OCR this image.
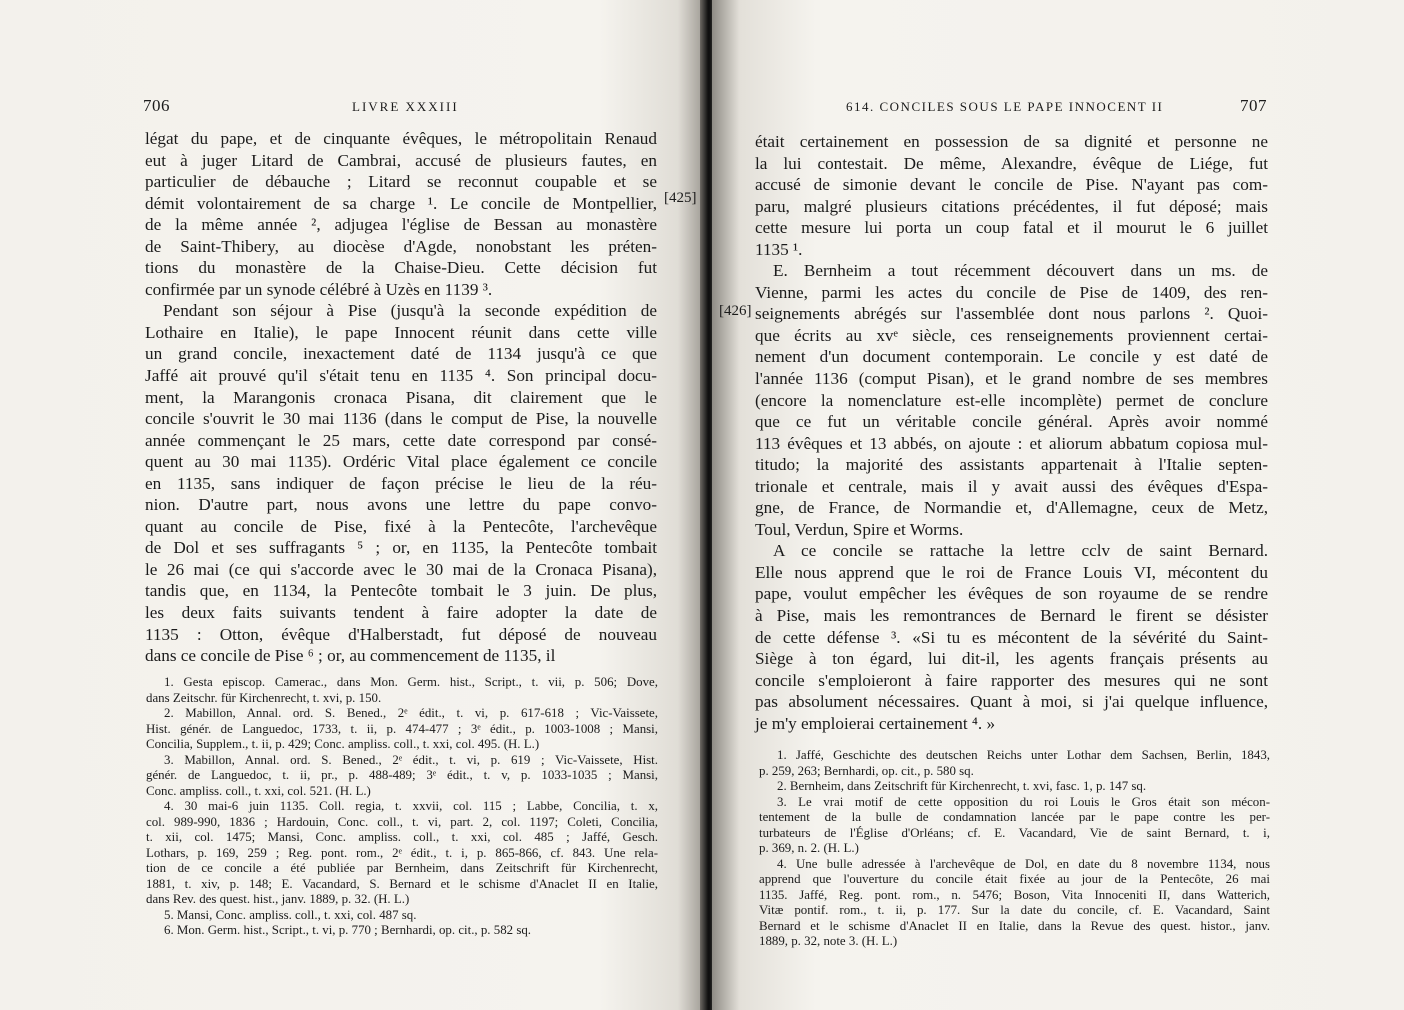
706	LIVRE XXXIII
[425]

légat du pape, et de cinquante évêques, le métropolitain Renaud

eut à juger Litard de Cambrai, accusé de plusieurs fautes, en

particulier de débauche ; Litard se reconnut coupable et se

démit volontairement de sa charge ¹. Le concile de Montpellier,

de la même année ², adjugea l'église de Bessan au monastère

de Saint-Thibery, au diocèse d'Agde, nonobstant les préten-

tions du monastère de la Chaise-Dieu. Cette décision fut

confirmée par un synode célébré à Uzès en 1139 ³.

Pendant son séjour à Pise (jusqu'à la seconde expédition de

Lothaire en Italie), le pape Innocent réunit dans cette ville

un grand concile, inexactement daté de 1134 jusqu'à ce que

Jaffé ait prouvé qu'il s'était tenu en 1135 ⁴. Son principal docu-

ment, la Marangonis cronaca Pisana, dit clairement que le

concile s'ouvrit le 30 mai 1136 (dans le comput de Pise, la nouvelle

année commençant le 25 mars, cette date correspond par consé-

quent au 30 mai 1135). Ordéric Vital place également ce concile

en 1135, sans indiquer de façon précise le lieu de la réu-

nion. D'autre part, nous avons une lettre du pape convo-

quant au concile de Pise, fixé à la Pentecôte, l'archevêque

de Dol et ses suffragants ⁵ ; or, en 1135, la Pentecôte tombait

le 26 mai (ce qui s'accorde avec le 30 mai de la Cronaca Pisana),

tandis que, en 1134, la Pentecôte tombait le 3 juin. De plus,

les deux faits suivants tendent à faire adopter la date de

1135 : Otton, évêque d'Halberstadt, fut déposé de nouveau

dans ce concile de Pise ⁶ ; or, au commencement de 1135, il

1. Gesta episcop. Camerac., dans Mon. Germ. hist., Script., t. vii, p. 506; Dove,

dans Zeitschr. für Kirchenrecht, t. xvi, p. 150.

2. Mabillon, Annal. ord. S. Bened., 2ᵉ édit., t. vi, p. 617-618 ; Vic-Vaissete,

Hist. génér. de Languedoc, 1733, t. ii, p. 474-477 ; 3ᵉ édit., p. 1003-1008 ; Mansi,

Concilia, Supplem., t. ii, p. 429; Conc. ampliss. coll., t. xxi, col. 495. (H. L.)

3. Mabillon, Annal. ord. S. Bened., 2ᵉ édit., t. vi, p. 619 ; Vic-Vaissete, Hist.

génér. de Languedoc, t. ii, pr., p. 488-489; 3ᵉ édit., t. v, p. 1033-1035 ; Mansi,

Conc. ampliss. coll., t. xxi, col. 521. (H. L.)

4. 30 mai-6 juin 1135. Coll. regia, t. xxvii, col. 115 ; Labbe, Concilia, t. x,

col. 989-990, 1836 ; Hardouin, Conc. coll., t. vi, part. 2, col. 1197; Coleti, Concilia,

t. xii, col. 1475; Mansi, Conc. ampliss. coll., t. xxi, col. 485 ; Jaffé, Gesch.

Lothars, p. 169, 259 ; Reg. pont. rom., 2ᵉ édit., t. i, p. 865-866, cf. 843. Une rela-

tion de ce concile a été publiée par Bernheim, dans Zeitschrift für Kirchenrecht,

1881, t. xiv, p. 148; E. Vacandard, S. Bernard et le schisme d'Anaclet II en Italie,

dans Rev. des quest. hist., janv. 1889, p. 32. (H. L.)

5. Mansi, Conc. ampliss. coll., t. xxi, col. 487 sq.

6. Mon. Germ. hist., Script., t. vi, p. 770 ; Bernhardi, op. cit., p. 582 sq.

614. CONCILES SOUS LE PAPE INNOCENT II	707
[426]

était certainement en possession de sa dignité et personne ne

la lui contestait. De même, Alexandre, évêque de Liége, fut

accusé de simonie devant le concile de Pise. N'ayant pas com-

paru, malgré plusieurs citations précédentes, il fut déposé; mais

cette mesure lui porta un coup fatal et il mourut le 6 juillet

1135 ¹.

E. Bernheim a tout récemment découvert dans un ms. de

Vienne, parmi les actes du concile de Pise de 1409, des ren-

seignements abrégés sur l'assemblée dont nous parlons ². Quoi-

que écrits au xvᵉ siècle, ces renseignements proviennent certai-

nement d'un document contemporain. Le concile y est daté de

l'année 1136 (comput Pisan), et le grand nombre de ses membres

(encore la nomenclature est-elle incomplète) permet de conclure

que ce fut un véritable concile général. Après avoir nommé

113 évêques et 13 abbés, on ajoute : et aliorum abbatum copiosa mul-

titudo; la majorité des assistants appartenait à l'Italie septen-

trionale et centrale, mais il y avait aussi des évêques d'Espa-

gne, de France, de Normandie et, d'Allemagne, ceux de Metz,

Toul, Verdun, Spire et Worms.

A ce concile se rattache la lettre cclv de saint Bernard.

Elle nous apprend que le roi de France Louis VI, mécontent du

pape, voulut empêcher les évêques de son royaume de se rendre

à Pise, mais les remontrances de Bernard le firent se désister

de cette défense ³. «Si tu es mécontent de la sévérité du Saint-

Siège à ton égard, lui dit-il, les agents français présents au

concile s'emploieront à faire rapporter des mesures qui ne sont

pas absolument nécessaires. Quant à moi, si j'ai quelque influence,

je m'y emploierai certainement ⁴. »

1. Jaffé, Geschichte des deutschen Reichs unter Lothar dem Sachsen, Berlin, 1843,

p. 259, 263; Bernhardi, op. cit., p. 580 sq.

2. Bernheim, dans Zeitschrift für Kirchenrecht, t. xvi, fasc. 1, p. 147 sq.

3. Le vrai motif de cette opposition du roi Louis le Gros était son mécon-

tentement de la bulle de condamnation lancée par le pape contre les per-

turbateurs de l'Église d'Orléans; cf. E. Vacandard, Vie de saint Bernard, t. i,

p. 369, n. 2. (H. L.)

4. Une bulle adressée à l'archevêque de Dol, en date du 8 novembre 1134, nous

apprend que l'ouverture du concile était fixée au jour de la Pentecôte, 26 mai

1135. Jaffé, Reg. pont. rom., n. 5476; Boson, Vita Innoceniti II, dans Watterich,

Vitæ pontif. rom., t. ii, p. 177. Sur la date du concile, cf. E. Vacandard, Saint

Bernard et le schisme d'Anaclet II en Italie, dans la Revue des quest. histor., janv.

1889, p. 32, note 3. (H. L.)
